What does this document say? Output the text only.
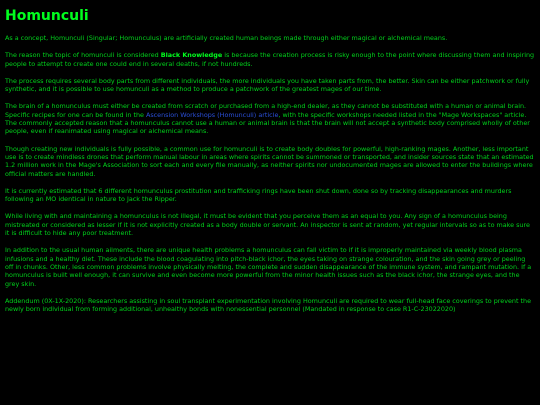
Homunculi

As a concept, Homunculi (Singular; Homunculus) are artificially created human beings made through either magical or alchemical means.

The reason the topic of homunculi is considered Black Knowledge is because the creation process is risky enough to the point where discussing them and inspiring people to attempt to create one could end in several deaths, if not hundreds.

The process requires several body parts from different individuals, the more individuals you have taken parts from, the better. Skin can be either patchwork or fully synthetic, and it is possible to use homunculi as a method to produce a patchwork of the greatest mages of our time.

The brain of a homunculus must either be created from scratch or purchased from a high-end dealer, as they cannot be substituted with a human or animal brain. Specific recipes for one can be found in the Ascension Workshops (Homunculi) article, with the specific workshops needed listed in the "Mage Workspaces" article. The commonly accepted reason that a homunculus cannot use a human or animal brain is that the brain will not accept a synthetic body comprised wholly of other people, even if reanimated using magical or alchemical means.

Though creating new individuals is fully possible, a common use for homunculi is to create body doubles for powerful, high-ranking mages. Another, less important use is to create mindless drones that perform manual labour in areas where spirits cannot be summoned or transported, and insider sources state that an estimated 1.2 million work in the Mage's Association to sort each and every file manually, as neither spirits nor undocumented mages are allowed to enter the buildings where official matters are handled.

It is currently estimated that 6 different homunculus prostitution and trafficking rings have been shut down, done so by tracking disappearances and murders following an MO identical in nature to Jack the Ripper.

While living with and maintaining a homunculus is not illegal, it must be evident that you perceive them as an equal to you. Any sign of a homunculus being mistreated or considered as lesser if it is not explicitly created as a body double or servant. An inspector is sent at random, yet regular intervals so as to make sure it is difficult to hide any poor treatment.

In addition to the usual human ailments, there are unique health problems a homunculus can fall victim to if it is improperly maintained via weekly blood plasma infusions and a healthy diet. These include the blood coagulating into pitch-black ichor, the eyes taking on strange colouration, and the skin going grey or peeling off in chunks. Other, less common problems involve physically melting, the complete and sudden disappearance of the immune system, and rampant mutation. If a homunculus is built well enough, it can survive and even become more powerful from the minor health issues such as the black ichor, the strange eyes, and the grey skin.

Addendum (0X-1X-2020): Researchers assisting in soul transplant experimentation involving Homunculi are required to wear full-head face coverings to prevent the newly born individual from forming additional, unhealthy bonds with nonessential personnel (Mandated in response to case R1-C-23022020)
